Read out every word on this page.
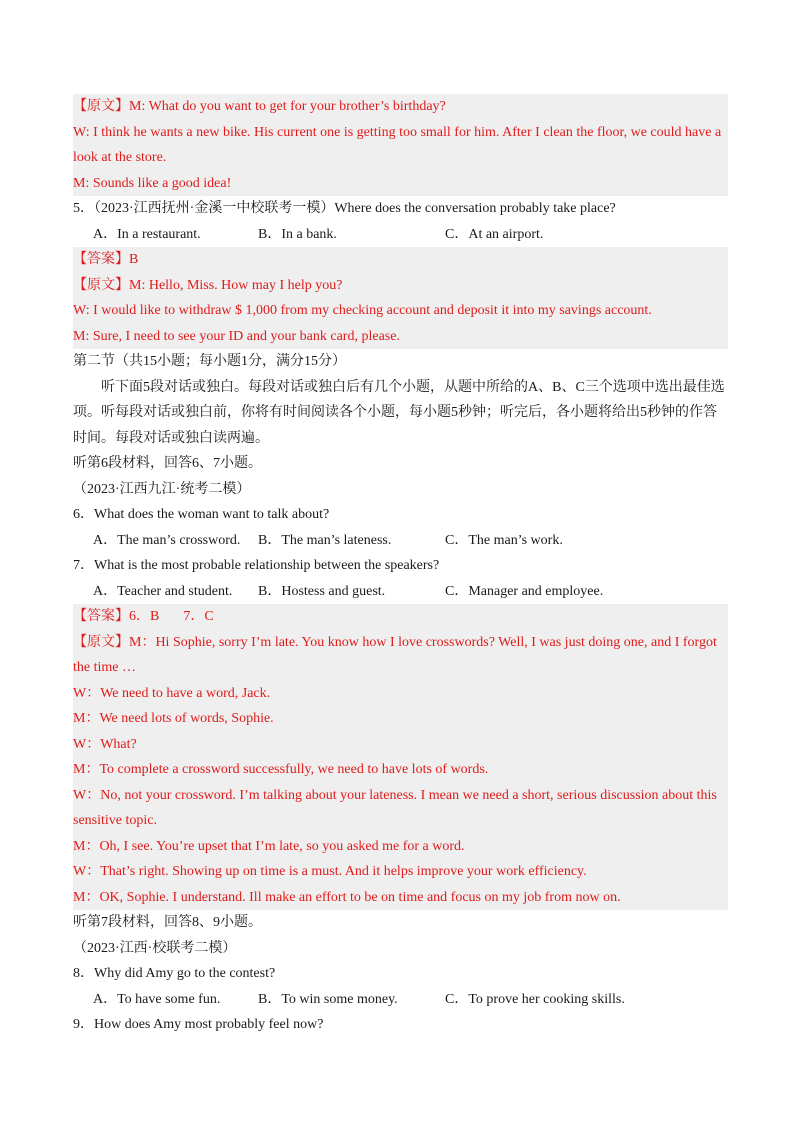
【原文】M: What do you want to get for your brother’s birthday?
W: I think he wants a new bike. His current one is getting too small for him. After I clean the floor, we could have a look at the store.
M: Sounds like a good idea!
5．（2023·江西抚州·金溪一中校联考一模）Where does the conversation probably take place?
A．In a restaurant.	B．In a bank.	C．At an airport.
【答案】B
【原文】M: Hello, Miss. How may I help you?
W: I would like to withdraw $ 1,000 from my checking account and deposit it into my savings account.
M: Sure, I need to see your ID and your bank card, please.
第二节（共15小题；每小题1分，满分15分）
听下面5段对话或独白。每段对话或独白后有几个小题，从题中所给的A、B、C三个选项中选出最佳选项。听每段对话或独白前，你将有时间阅读各个小题，每小题5秒钟；听完后，各小题将给出5秒钟的作答时间。每段对话或独白读两遍。
听第6段材料，回答6、7小题。
（2023·江西九江·统考二模）
6．What does the woman want to talk about?
A．The man’s crossword.	B．The man’s lateness.	C．The man’s work.
7．What is the most probable relationship between the speakers?
A．Teacher and student.	B．Hostess and guest.	C．Manager and employee.
【答案】6．B 7．C
【原文】M：Hi Sophie, sorry I’m late. You know how I love crosswords? Well, I was just doing one, and I forgot the time …
W：We need to have a word, Jack.
M：We need lots of words, Sophie.
W：What?
M：To complete a crossword successfully, we need to have lots of words.
W：No, not your crossword. I’m talking about your lateness. I mean we need a short, serious discussion about this sensitive topic.
M：Oh, I see. You’re upset that I’m late, so you asked me for a word.
W：That’s right. Showing up on time is a must. And it helps improve your work efficiency.
M：OK, Sophie. I understand. Ill make an effort to be on time and focus on my job from now on.
听第7段材料，回答8、9小题。
（2023·江西·校联考二模）
8．Why did Amy go to the contest?
A．To have some fun.	B．To win some money.	C．To prove her cooking skills.
9．How does Amy most probably feel now?
